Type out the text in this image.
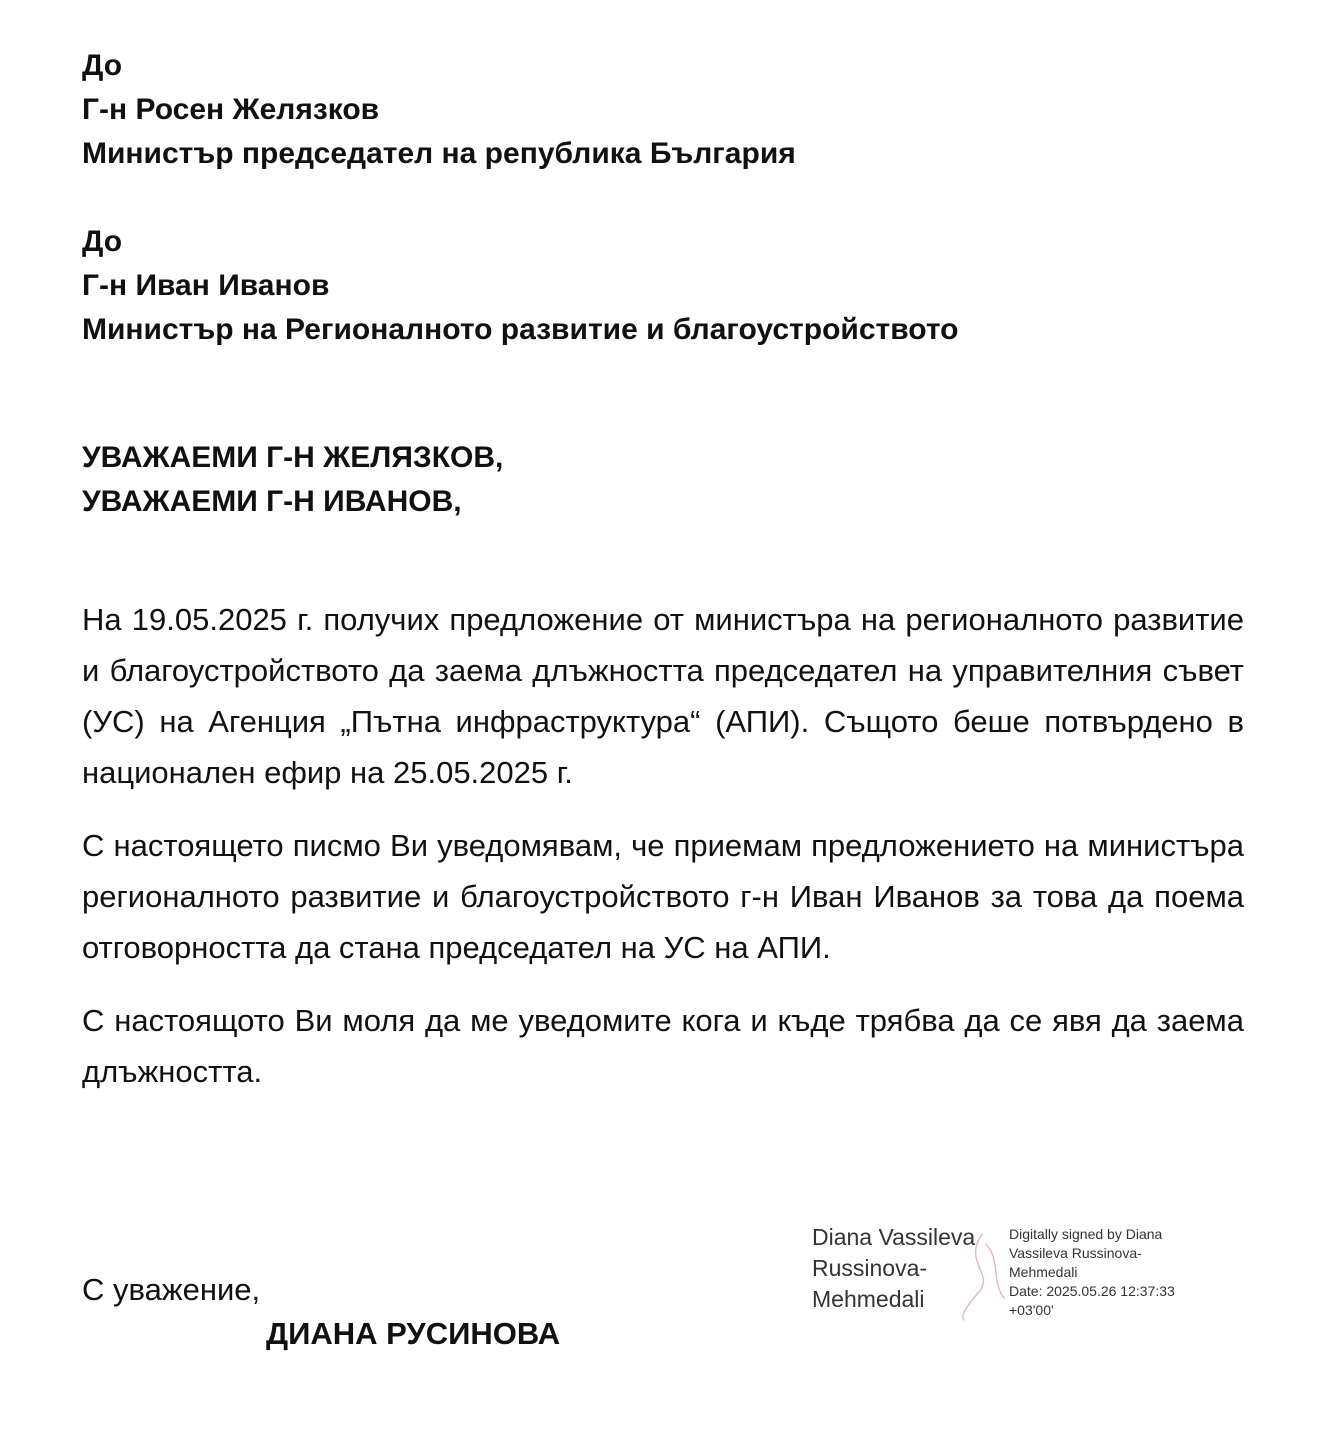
До
Г-н Росен Желязков
Министър председател на република България
До
Г-н Иван Иванов
Министър на Регионалното развитие и благоустройството
УВАЖАЕМИ Г-Н ЖЕЛЯЗКОВ,
УВАЖАЕМИ Г-Н ИВАНОВ,

На 19.05.2025 г. получих предложение от министъра на регионалното развитие и благоустройството да заема длъжността председател на управителния съвет (УС) на Агенция „Пътна инфраструктура“ (АПИ). Същото беше потвърдено в национален ефир на 25.05.2025 г.

С настоящето писмо Ви уведомявам, че приемам предложението на министъра регионалното развитие и благоустройството г-н Иван Иванов за това да поема отговорността да стана председател на УС на АПИ.

С настоящото Ви моля да ме уведомите кога и къде трябва да се явя да заема длъжността.

С уважение,
ДИАНА РУСИНОВА
Diana Vassileva
Russinova-
Mehmedali
Digitally signed by Diana
Vassileva Russinova-
Mehmedali
Date: 2025.05.26 12:37:33
+03'00'
